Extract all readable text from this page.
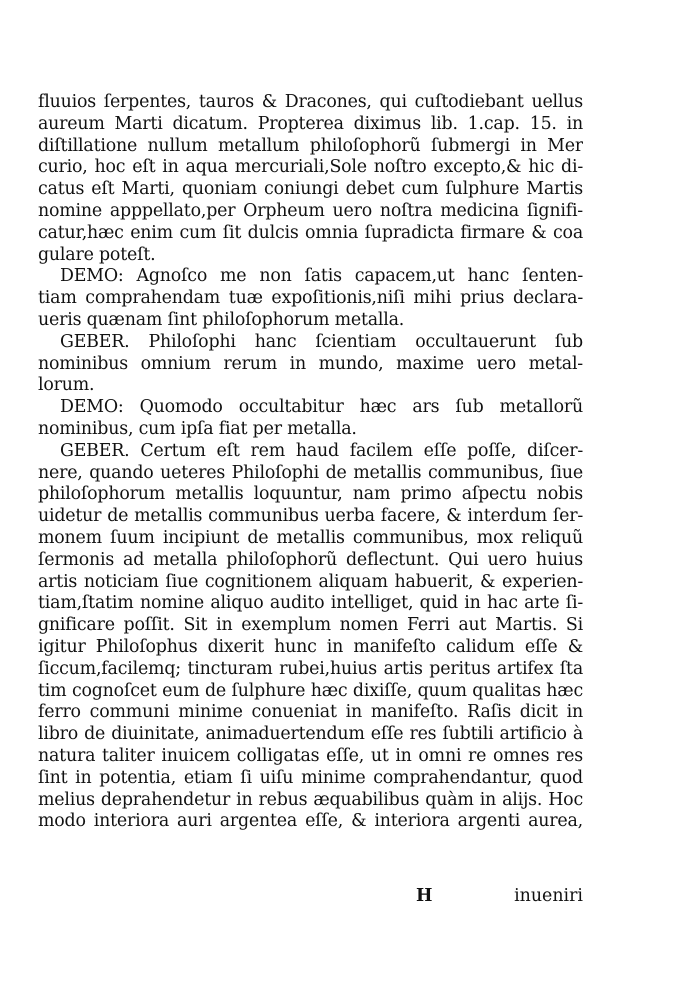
fluuios ſerpentes, tauros & Dracones, qui cuſtodiebant uellus
aureum Marti dicatum. Propterea diximus lib. 1.cap. 15. in
diſtillatione nullum metallum philoſophorũ ſubmergi in Mer
curio, hoc eſt in aqua mercuriali,Sole noſtro excepto,& hic di-
catus eſt Marti, quoniam coniungi debet cum ſulphure Martis
nomine apppellato,per Orpheum uero noſtra medicina ſignifi-
catur,hæc enim cum ſit dulcis omnia ſupradicta firmare & coa
gulare poteſt.
DEMO: Agnoſco me non ſatis capacem,ut hanc ſenten-
tiam comprahendam tuæ expoſitionis,niſi mihi prius declara-
ueris quænam ſint philoſophorum metalla.
GEBER. Philoſophi hanc ſcientiam occultauerunt ſub
nominibus omnium rerum in mundo, maxime uero metal-
lorum.
DEMO: Quomodo occultabitur hæc ars ſub metallorũ
nominibus, cum ipſa fiat per metalla.
GEBER. Certum eſt rem haud facilem eſſe poſſe, diſcer-
nere, quando ueteres Philoſophi de metallis communibus, ſiue
philoſophorum metallis loquuntur, nam primo aſpectu nobis
uidetur de metallis communibus uerba facere, & interdum ſer-
monem ſuum incipiunt de metallis communibus, mox reliquũ
ſermonis ad metalla philoſophorũ deflectunt. Qui uero huius
artis noticiam ſiue cognitionem aliquam habuerit, & experien-
tiam,ſtatim nomine aliquo audito intelliget, quid in hac arte ſi-
gnificare poſſit. Sit in exemplum nomen Ferri aut Martis. Si
igitur Philoſophus dixerit hunc in manifeſto calidum eſſe &
ſiccum,facilemq; tincturam rubei,huius artis peritus artifex ſta
tim cognoſcet eum de ſulphure hæc dixiſſe, quum qualitas hæc
ferro communi minime conueniat in manifeſto. Raſis dicit in
libro de diuinitate, animaduertendum eſſe res ſubtili artificio à
natura taliter inuicem colligatas eſſe, ut in omni re omnes res
ſint in potentia, etiam ſi uiſu minime comprahendantur, quod
melius deprahendetur in rebus æquabilibus quàm in alijs. Hoc
modo interiora auri argentea eſſe, & interiora argenti aurea,
H	inueniri
